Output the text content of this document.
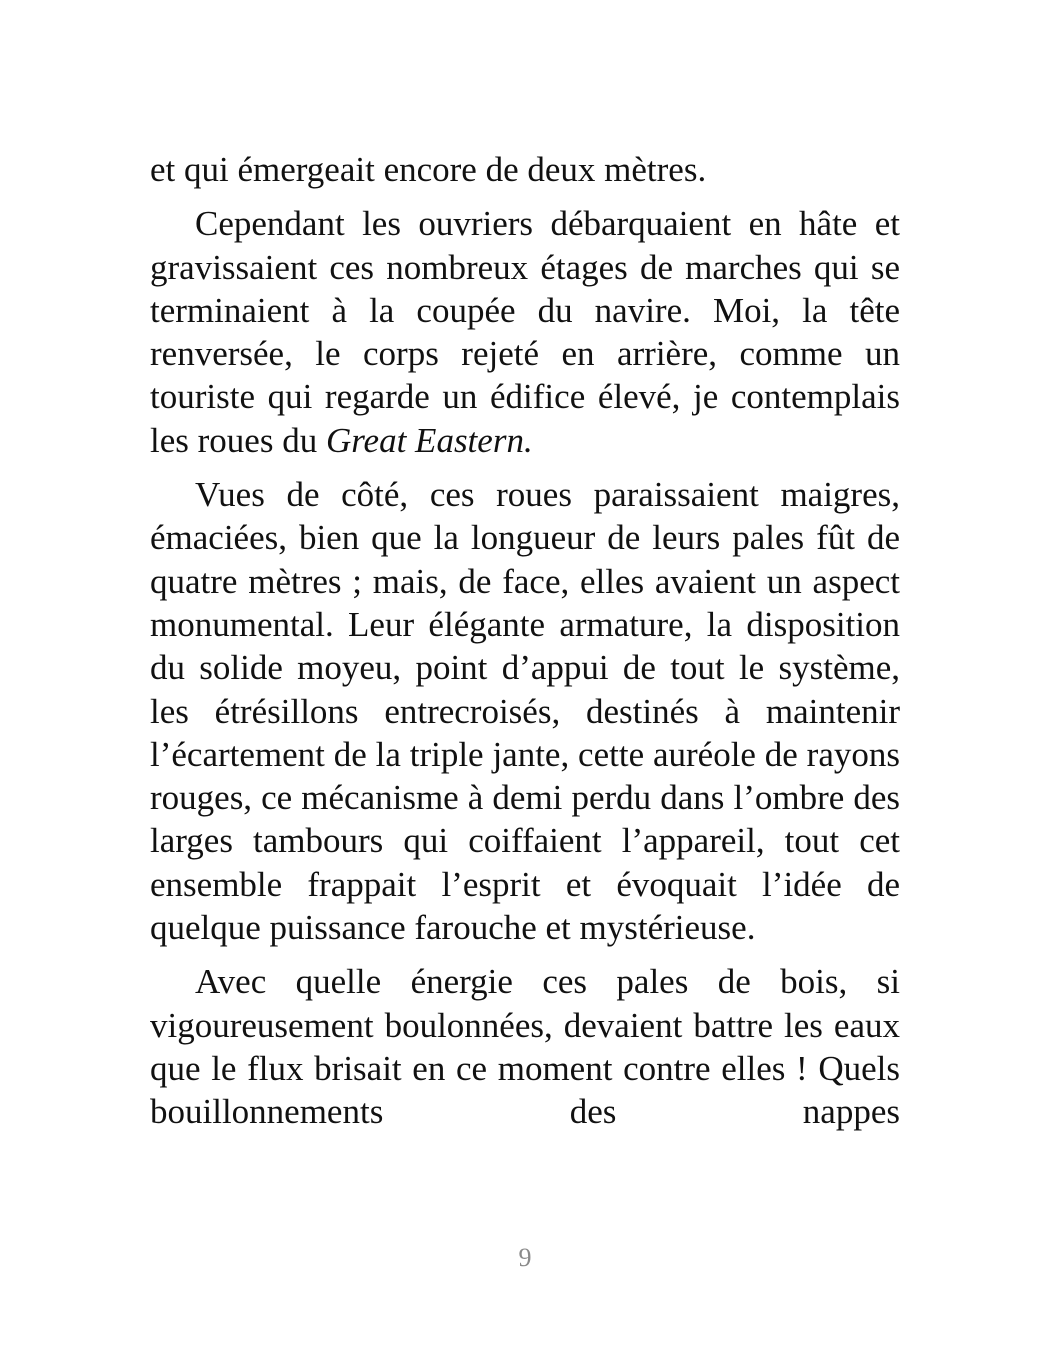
et qui émergeait encore de deux mètres.

Cependant les ouvriers débarquaient en hâte et gravissaient ces nombreux étages de marches qui se terminaient à la coupée du navire. Moi, la tête renversée, le corps rejeté en arrière, comme un touriste qui regarde un édifice élevé, je contemplais les roues du Great Eastern.

Vues de côté, ces roues paraissaient maigres, émaciées, bien que la longueur de leurs pales fût de quatre mètres ; mais, de face, elles avaient un aspect monumental. Leur élégante armature, la disposition du solide moyeu, point d’appui de tout le système, les étrésillons entrecroisés, destinés à maintenir l’écartement de la triple jante, cette auréole de rayons rouges, ce mécanisme à demi perdu dans l’ombre des larges tambours qui coiffaient l’appareil, tout cet ensemble frappait l’esprit et évoquait l’idée de quelque puissance farouche et mystérieuse.

Avec quelle énergie ces pales de bois, si vigoureusement boulonnées, devaient battre les eaux que le flux brisait en ce moment contre elles ! Quels bouillonnements des nappes

9
